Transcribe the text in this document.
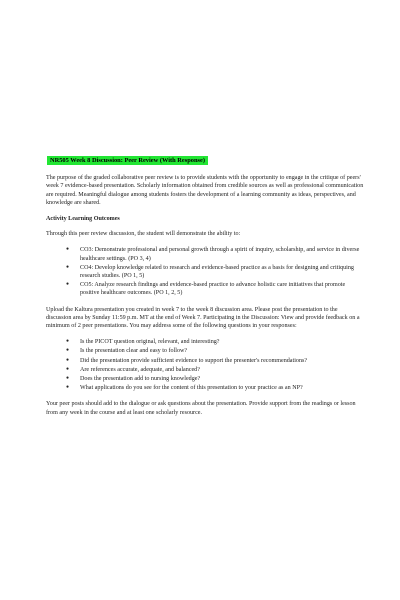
NR505 Week 8 Discussion: Peer Review (With Response)

The purpose of the graded collaborative peer review is to provide students with the opportunity to engage in the critique of peers' week 7 evidence-based presentation. Scholarly information obtained from credible sources as well as professional communication are required. Meaningful dialogue among students fosters the development of a learning community as ideas, perspectives, and knowledge are shared.

Activity Learning Outcomes

Through this peer review discussion, the student will demonstrate the ability to:

● CO3: Demonstrate professional and personal growth through a spirit of inquiry, scholarship, and service in diverse healthcare settings. (PO 3, 4)
● CO4: Develop knowledge related to research and evidence-based practice as a basis for designing and critiquing research studies. (PO 1, 5)
● CO5: Analyze research findings and evidence-based practice to advance holistic care initiatives that promote positive healthcare outcomes. (PO 1, 2, 5)

Upload the Kaltura presentation you created in week 7 to the week 8 discussion area. Please post the presentation to the discussion area by Sunday 11:59 p.m. MT at the end of Week 7. Participating in the Discussion: View and provide feedback on a minimum of 2 peer presentations. You may address some of the following questions in your responses:

● Is the PICOT question original, relevant, and interesting?
● Is the presentation clear and easy to follow?
● Did the presentation provide sufficient evidence to support the presenter's recommendations?
● Are references accurate, adequate, and balanced?
● Does the presentation add to nursing knowledge?
● What applications do you see for the content of this presentation to your practice as an NP?

Your peer posts should add to the dialogue or ask questions about the presentation. Provide support from the readings or lesson from any week in the course and at least one scholarly resource.
